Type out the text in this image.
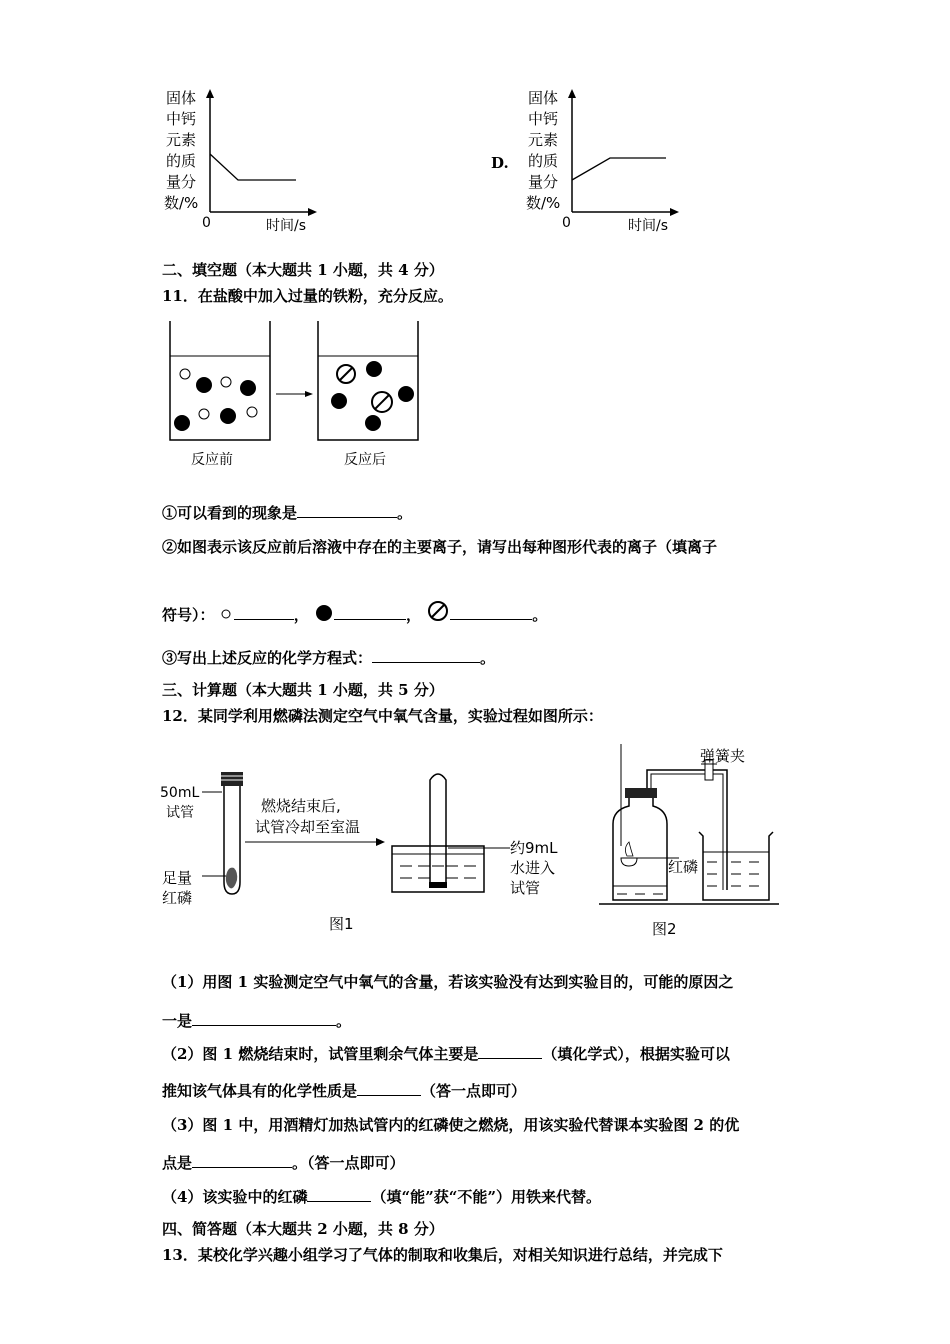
固体
中钙
元素
的质
量分
数/%
0	时间/s
D.
固体
中钙
元素
的质
量分
数/%
0	时间/s
二、填空题（本大题共 1 小题，共 4 分）
11．在盐酸中加入过量的铁粉，充分反应。
反应前	反应后
①可以看到的现象是	。
②如图表示该反应前后溶液中存在的主要离子，请写出每种图形代表的离子（填离子
符号）：	，	，	。
③写出上述反应的化学方程式：	。
三、计算题（本大题共 1 小题，共 5 分）
12．某同学利用燃磷法测定空气中氧气含量，实验过程如图所示：
50mL
试管
足量
红磷
燃烧结束后,
试管冷却至室温
约9mL
水进入
试管
图1
弹簧夹
红磷
图2
（1）用图 1 实验测定空气中氧气的含量，若该实验没有达到实验目的，可能的原因之
一是	。
（2）图 1 燃烧结束时，试管里剩余气体主要是	（填化学式），根据实验可以
推知该气体具有的化学性质是	（答一点即可）
（3）图 1 中，用酒精灯加热试管内的红磷使之燃烧，用该实验代替课本实验图 2 的优
点是	。（答一点即可）
（4）该实验中的红磷	（填“能”获“不能”）用铁来代替。
四、简答题（本大题共 2 小题，共 8 分）
13．某校化学兴趣小组学习了气体的制取和收集后，对相关知识进行总结，并完成下
